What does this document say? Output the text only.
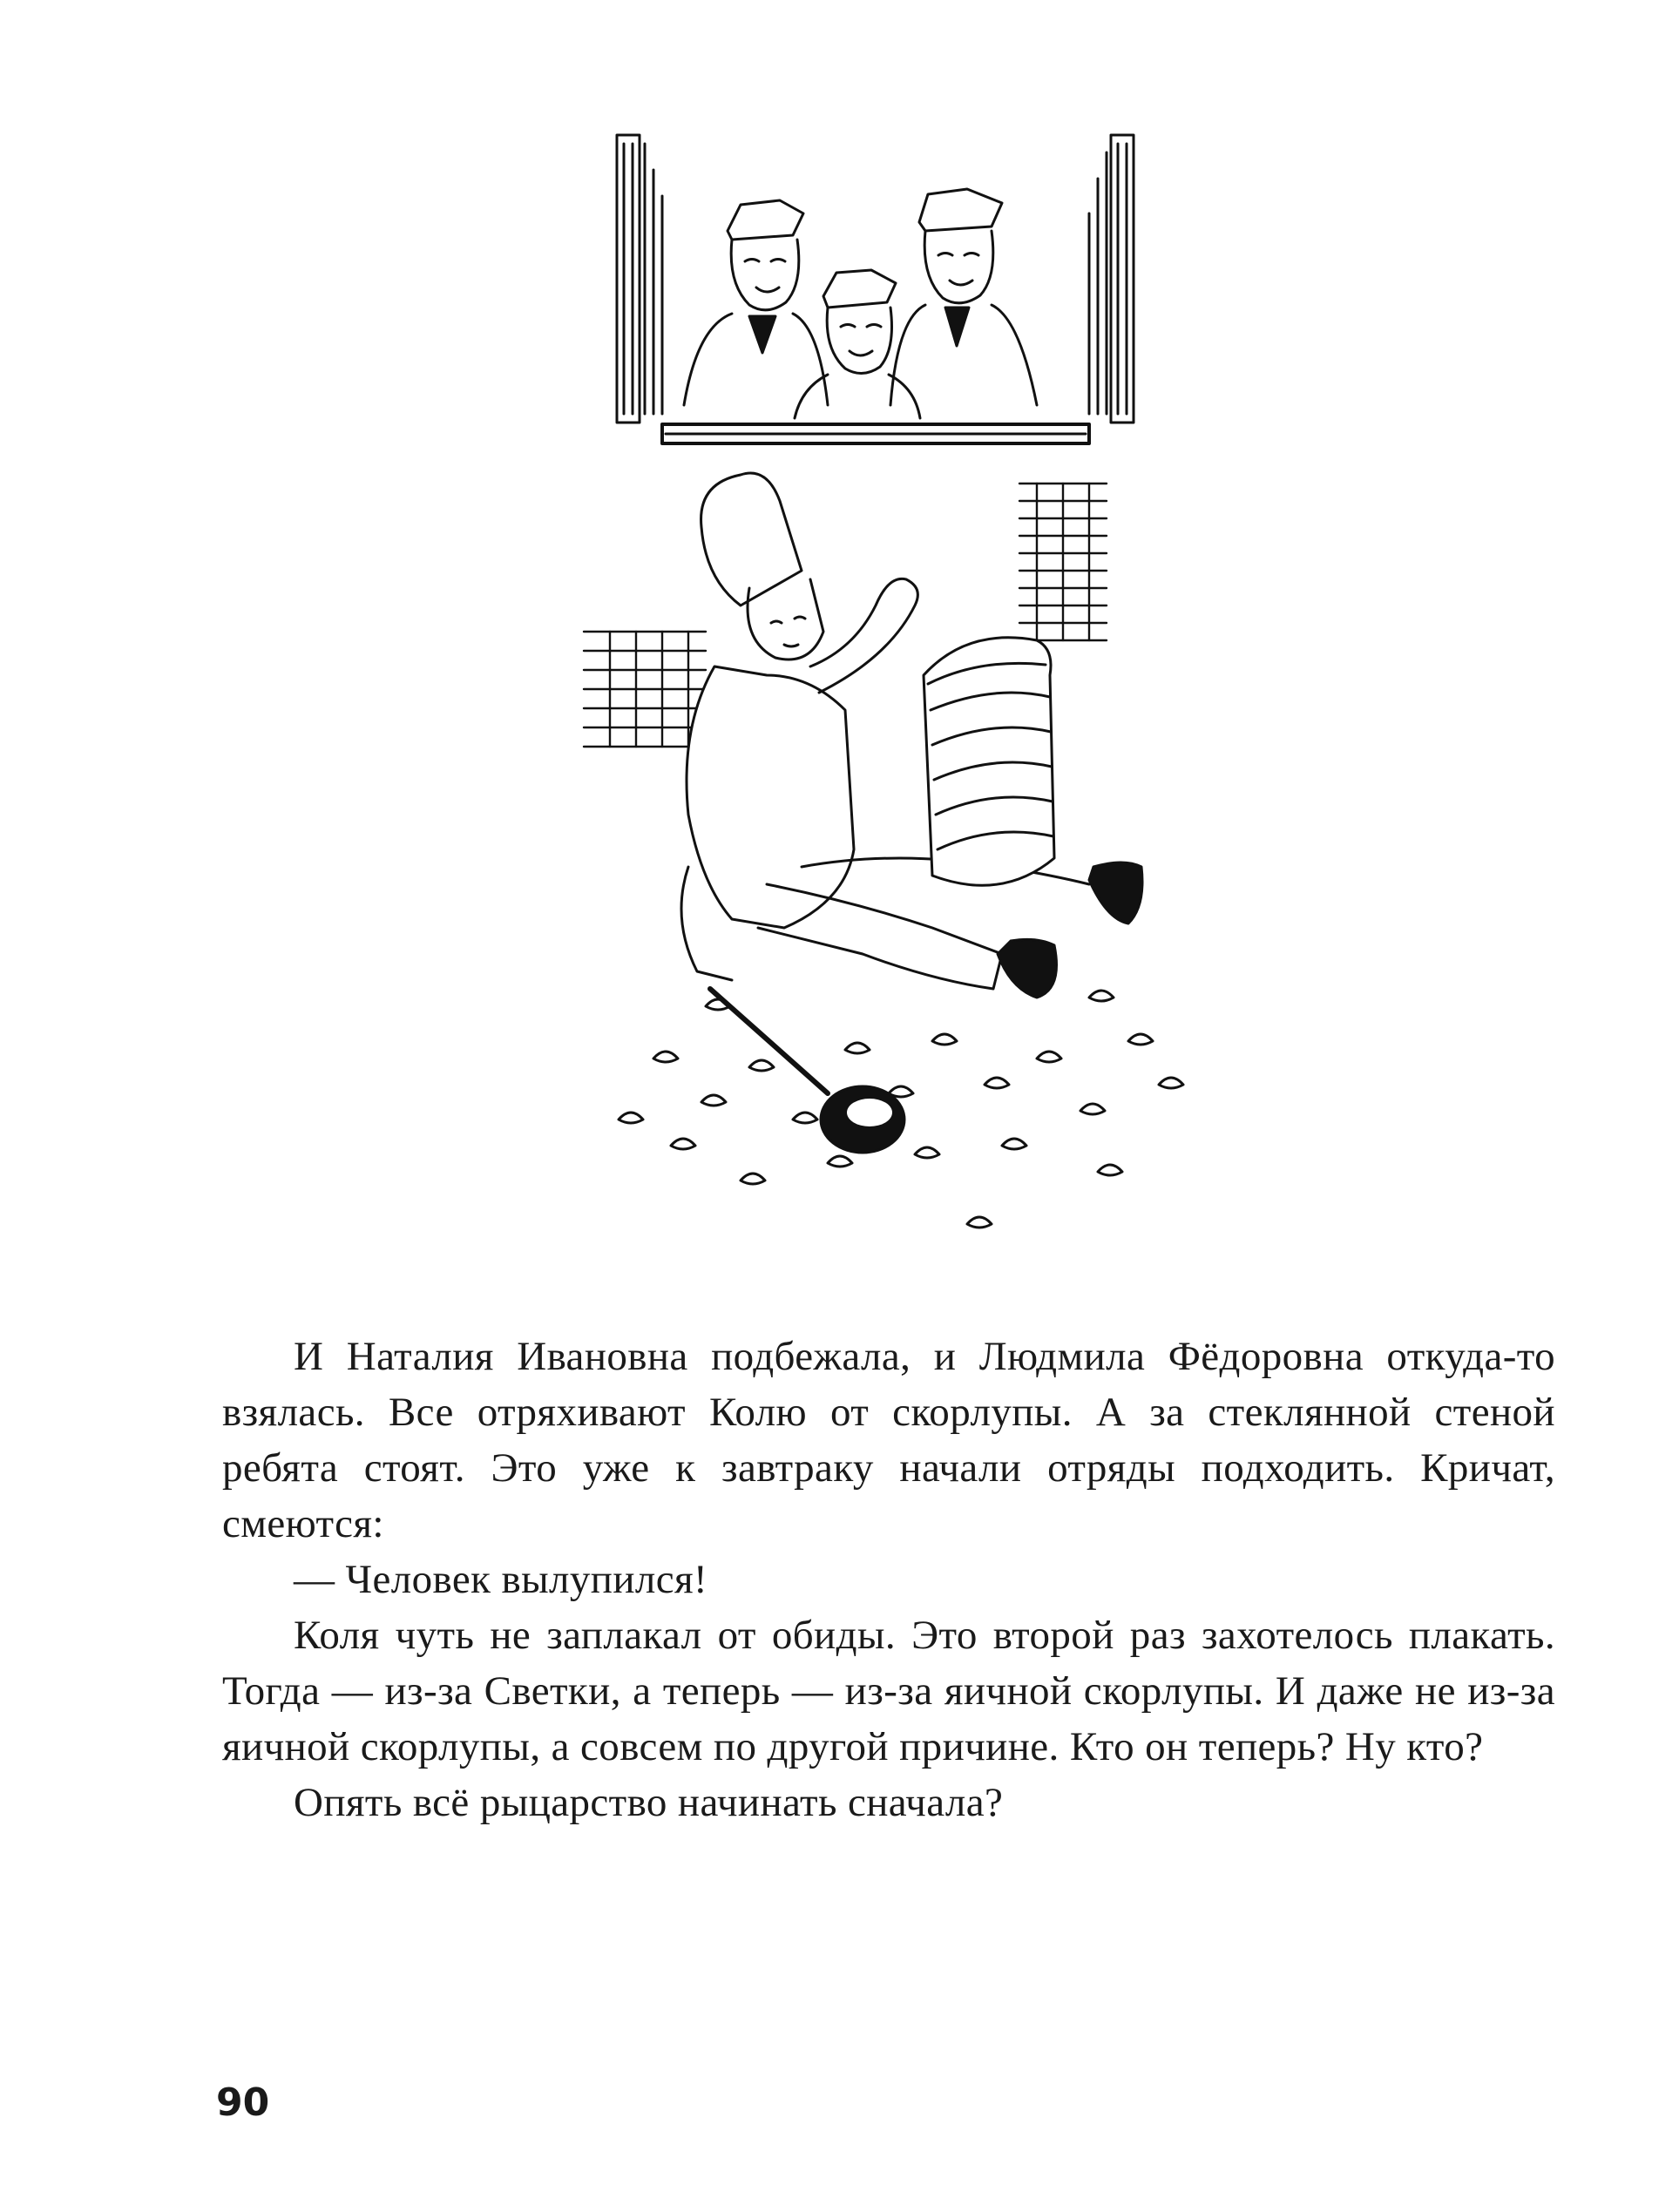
И Наталия Ивановна подбежала, и Людмила Фёдоровна откуда-то взялась. Все отряхивают Колю от скорлупы. А за стеклянной стеной ребята стоят. Это уже к завтраку начали отряды подходить. Кричат, смеются:

— Человек вылупился!

Коля чуть не заплакал от обиды. Это второй раз захотелось плакать. Тогда — из-за Светки, а теперь — из-за яичной скорлупы. И даже не из-за яичной скорлупы, а совсем по другой причине. Кто он теперь? Ну кто?

Опять всё рыцарство начинать сначала?

90
